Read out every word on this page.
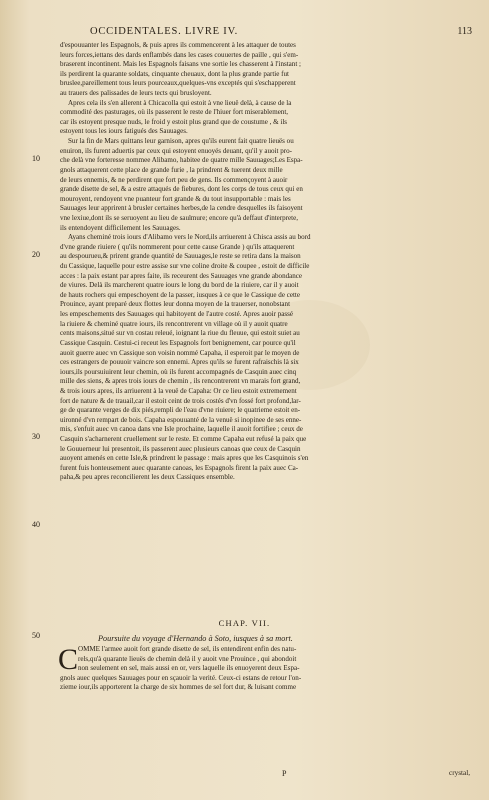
OCCIDENTALES. LIVRE IV.	113
10
20
30
40
50
d'espouuanter les Espagnols, & puis apres ils commencerent à les attaquer de toutes
leurs forces,iettans des dards enflambés dans les cases couuertes de paille , qui s'em-
braserent incontinent. Mais les Espagnols faisans vne sortie les chasserent à l'instant ;
ils perdirent la quarante soldats, cinquante cheuaux, dont la plus grande partie fut
bruslee,pareillement tous leurs pourceaux,quelques-vns exceptés qui s'eschapperent
au trauers des palissades de leurs tects qui brusloyent.
Apres cela ils s'en allerent à Chicacolla qui estoit à vne lieuë delà, à cause de la
commodité des pasturages, où ils passerent le reste de l'hiuer fort miserablement,
car ils estoyent presque nuds, le froid y estoit plus grand que de coustume , & ils
estoyent tous les iours fatigués des Sauuages.
Sur la fin de Mars quittans leur garnison, apres qu'ils eurent fait quatre lieuës ou
enuiron, ils furent aduertis par ceux qui estoyent enuoyés deuant, qu'il y auoit pro-
che delà vne forteresse nommee Alibamo, habitee de quatre mille Sauuages;Les Espa-
gnols attaquerent cette place de grande furie , la prindrent & tuerent deux mille
de leurs ennemis, & ne perdirent que fort peu de gens. Ils commençoyent à auoir
grande disette de sel, & a estre attaqués de fiebures, dont les corps de tous ceux qui en
mouroyent, rendoyent vne puanteur fort grande & du tout insupportable : mais les
Sauuages leur apprirent à brusler certaines herbes,de la cendre desquelles ils faisoyent
vne lexiue,dont ils se seruoyent au lieu de saulmure; encore qu'à deffaut d'interprete,
ils entendoyent difficilement les Sauuages.
Ayans cheminé trois iours d'Alibamo vers le Nord,ils arriuerent à Chisca assis au bord
d'vne grande riuiere ( qu'ils nommerent pour cette cause Grande ) qu'ils attaquerent
au despourueu,& prirent grande quantité de Sauuages,le reste se retira dans la maison
du Cassique, laquelle pour estre assise sur vne coline droite & coupee , estoit de difficile
acces : la paix estant par apres faite, ils receurent des Sauuages vne grande abondance
de viures. Delà ils marcherent quatre iours le long du bord de la riuiere, car il y auoit
de hauts rochers qui empeschoyent de la passer, iusques à ce que le Cassique de cette
Prouince, ayant preparé deux flottes leur donna moyen de la trauerser, nonobstant
les empeschements des Sauuages qui habitoyent de l'autre costé. Apres auoir passé
la riuiere & cheminé quatre iours, ils rencontrerent vn village où il y auoit quatre
cents maisons,situé sur vn costau releué, ioignant la riue du fleuue, qui estoit suiet au
Cassique Casquin. Cestui-ci receut les Espagnols fort benignement, car pource qu'il
auoit guerre auec vn Cassique son voisin nommé Capaha, il esperoit par le moyen de
ces estrangers de pouuoir vaincre son ennemi. Apres qu'ils se furent rafraischis là six
iours,ils poursuiuirent leur chemin, où ils furent accompagnés de Casquin auec cinq
mille des siens, & apres trois iours de chemin , ils rencontrerent vn marais fort grand,
& trois iours apres, ils arriuerent à la veuë de Capaha: Or ce lieu estoit extremement
fort de nature & de trauail,car il estoit ceint de trois costés d'vn fossé fort profond,lar-
ge de quarante verges de dix piés,rempli de l'eau d'vne riuiere; le quatrieme estoit en-
uironné d'vn rempart de bois. Capaha espouuanté de la venuë si inopinee de ses enne-
mis, s'enfuit auec vn canoa dans vne Isle prochaine, laquelle il auoit fortifiee ; ceux de
Casquin s'acharnerent cruellement sur le reste. Et comme Capaha eut refusé la paix que
le Gouuerneur lui presentoit, ils passerent auec plusieurs canoas que ceux de Casquin
auoyent amenés en cette Isle,& prindrent le passage : mais apres que les Casquinois s'en
furent fuis honteusement auec quarante canoas, les Espagnols firent la paix auec Ca-
paha,& peu apres reconcilierent les deux Cassiques ensemble.
CHAP. VII.
Poursuite du voyage d'Hernando à Soto, iusques à sa mort.
C OMME l'armee auoit fort grande disette de sel, ils entendirent enfin des natu-
rels,qu'à quarante lieuës de chemin delà il y auoit vne Prouince , qui abondoit
non seulement en sel, mais aussi en or, vers laquelle ils enuoyerent deux Espa-
gnols auec quelques Sauuages pour en sçauoir la verité. Ceux-ci estans de retour l'on-
zieme iour,ils apporterent la charge de six hommes de sel fort dur, & luisant comme
P	crystal,
